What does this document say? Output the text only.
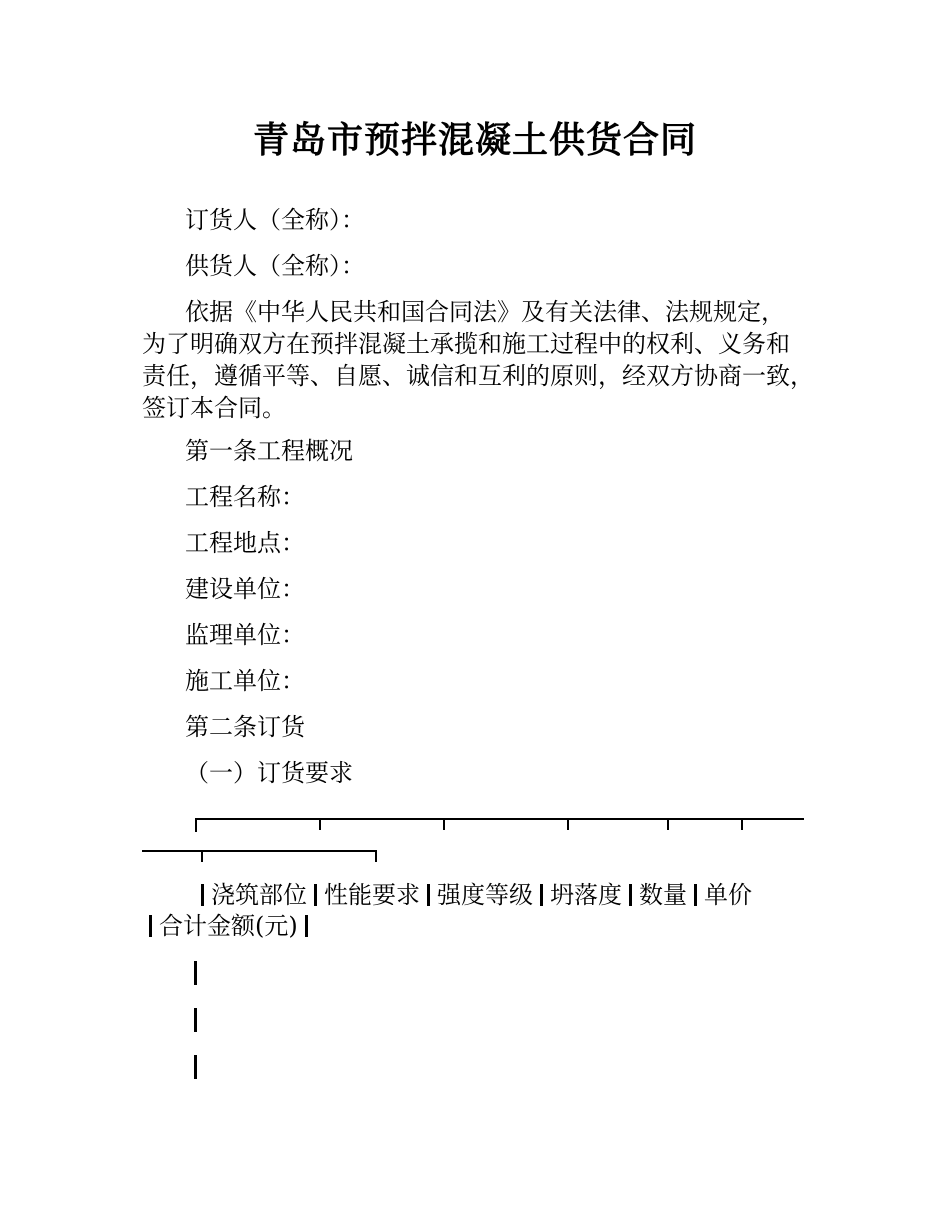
青岛市预拌混凝土供货合同
订货人（全称）：
供货人（全称）：
依据《中华人民共和国合同法》及有关法律、法规规定，
为了明确双方在预拌混凝土承揽和施工过程中的权利、义务和
责任，遵循平等、自愿、诚信和互利的原则，经双方协商一致，
签订本合同。
第一条工程概况
工程名称：
工程地点：
建设单位：
监理单位：
施工单位：
第二条订货
（一）订货要求
浇筑部位 性能要求 强度等级 坍落度 数量 单价
合计金额(元)
